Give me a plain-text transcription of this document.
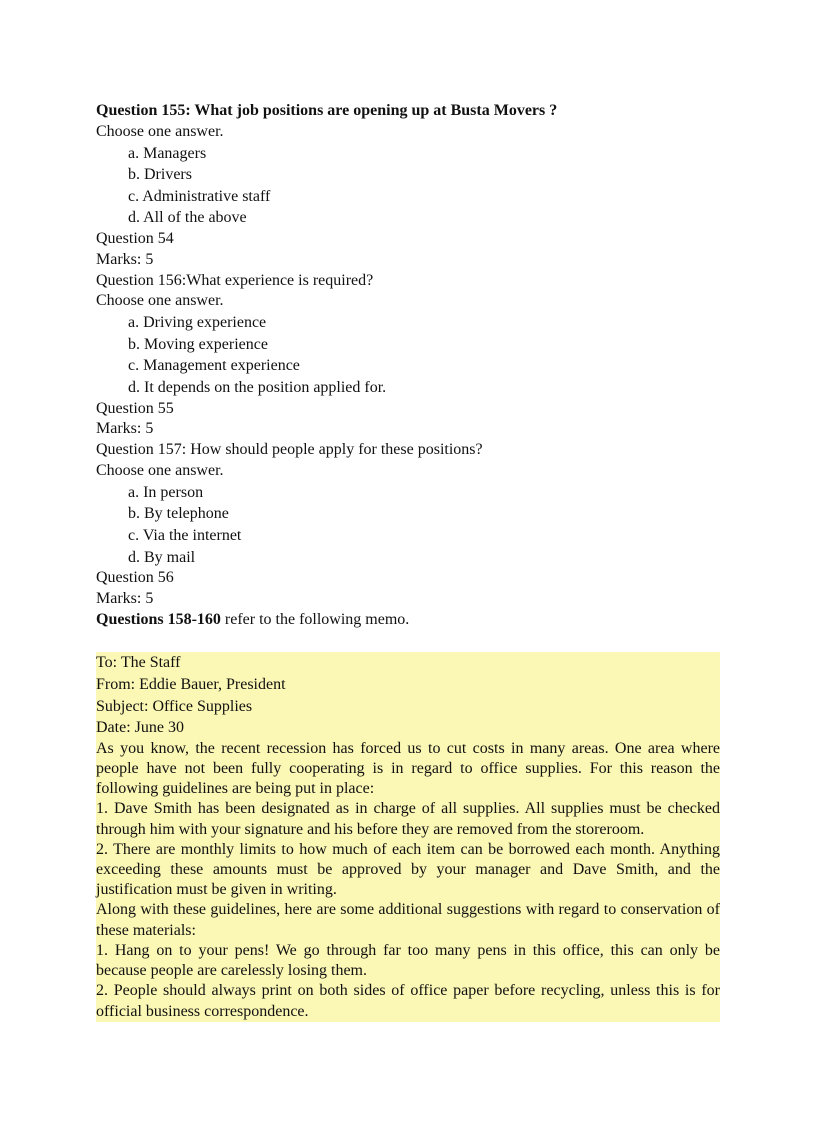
Question 155: What job positions are opening up at Busta Movers ?
Choose one answer.
a. Managers
b. Drivers
c. Administrative staff
d. All of the above
Question 54
Marks: 5
Question 156:What experience is required?
Choose one answer.
a. Driving experience
b. Moving experience
c. Management experience
d. It depends on the position applied for.
Question 55
Marks: 5
Question 157: How should people apply for these positions?
Choose one answer.
a. In person
b. By telephone
c. Via the internet
d. By mail
Question 56
Marks: 5
Questions 158-160 refer to the following memo.
To: The Staff
From: Eddie Bauer, President
Subject: Office Supplies
Date: June 30
As you know, the recent recession has forced us to cut costs in many areas. One area where people have not been fully cooperating is in regard to office supplies. For this reason the following guidelines are being put in place:
1. Dave Smith has been designated as in charge of all supplies. All supplies must be checked through him with your signature and his before they are removed from the storeroom.
2. There are monthly limits to how much of each item can be borrowed each month. Anything exceeding these amounts must be approved by your manager and Dave Smith, and the justification must be given in writing.
Along with these guidelines, here are some additional suggestions with regard to conservation of these materials:
1. Hang on to your pens! We go through far too many pens in this office, this can only be because people are carelessly losing them.
2. People should always print on both sides of office paper before recycling, unless this is for official business correspondence.
